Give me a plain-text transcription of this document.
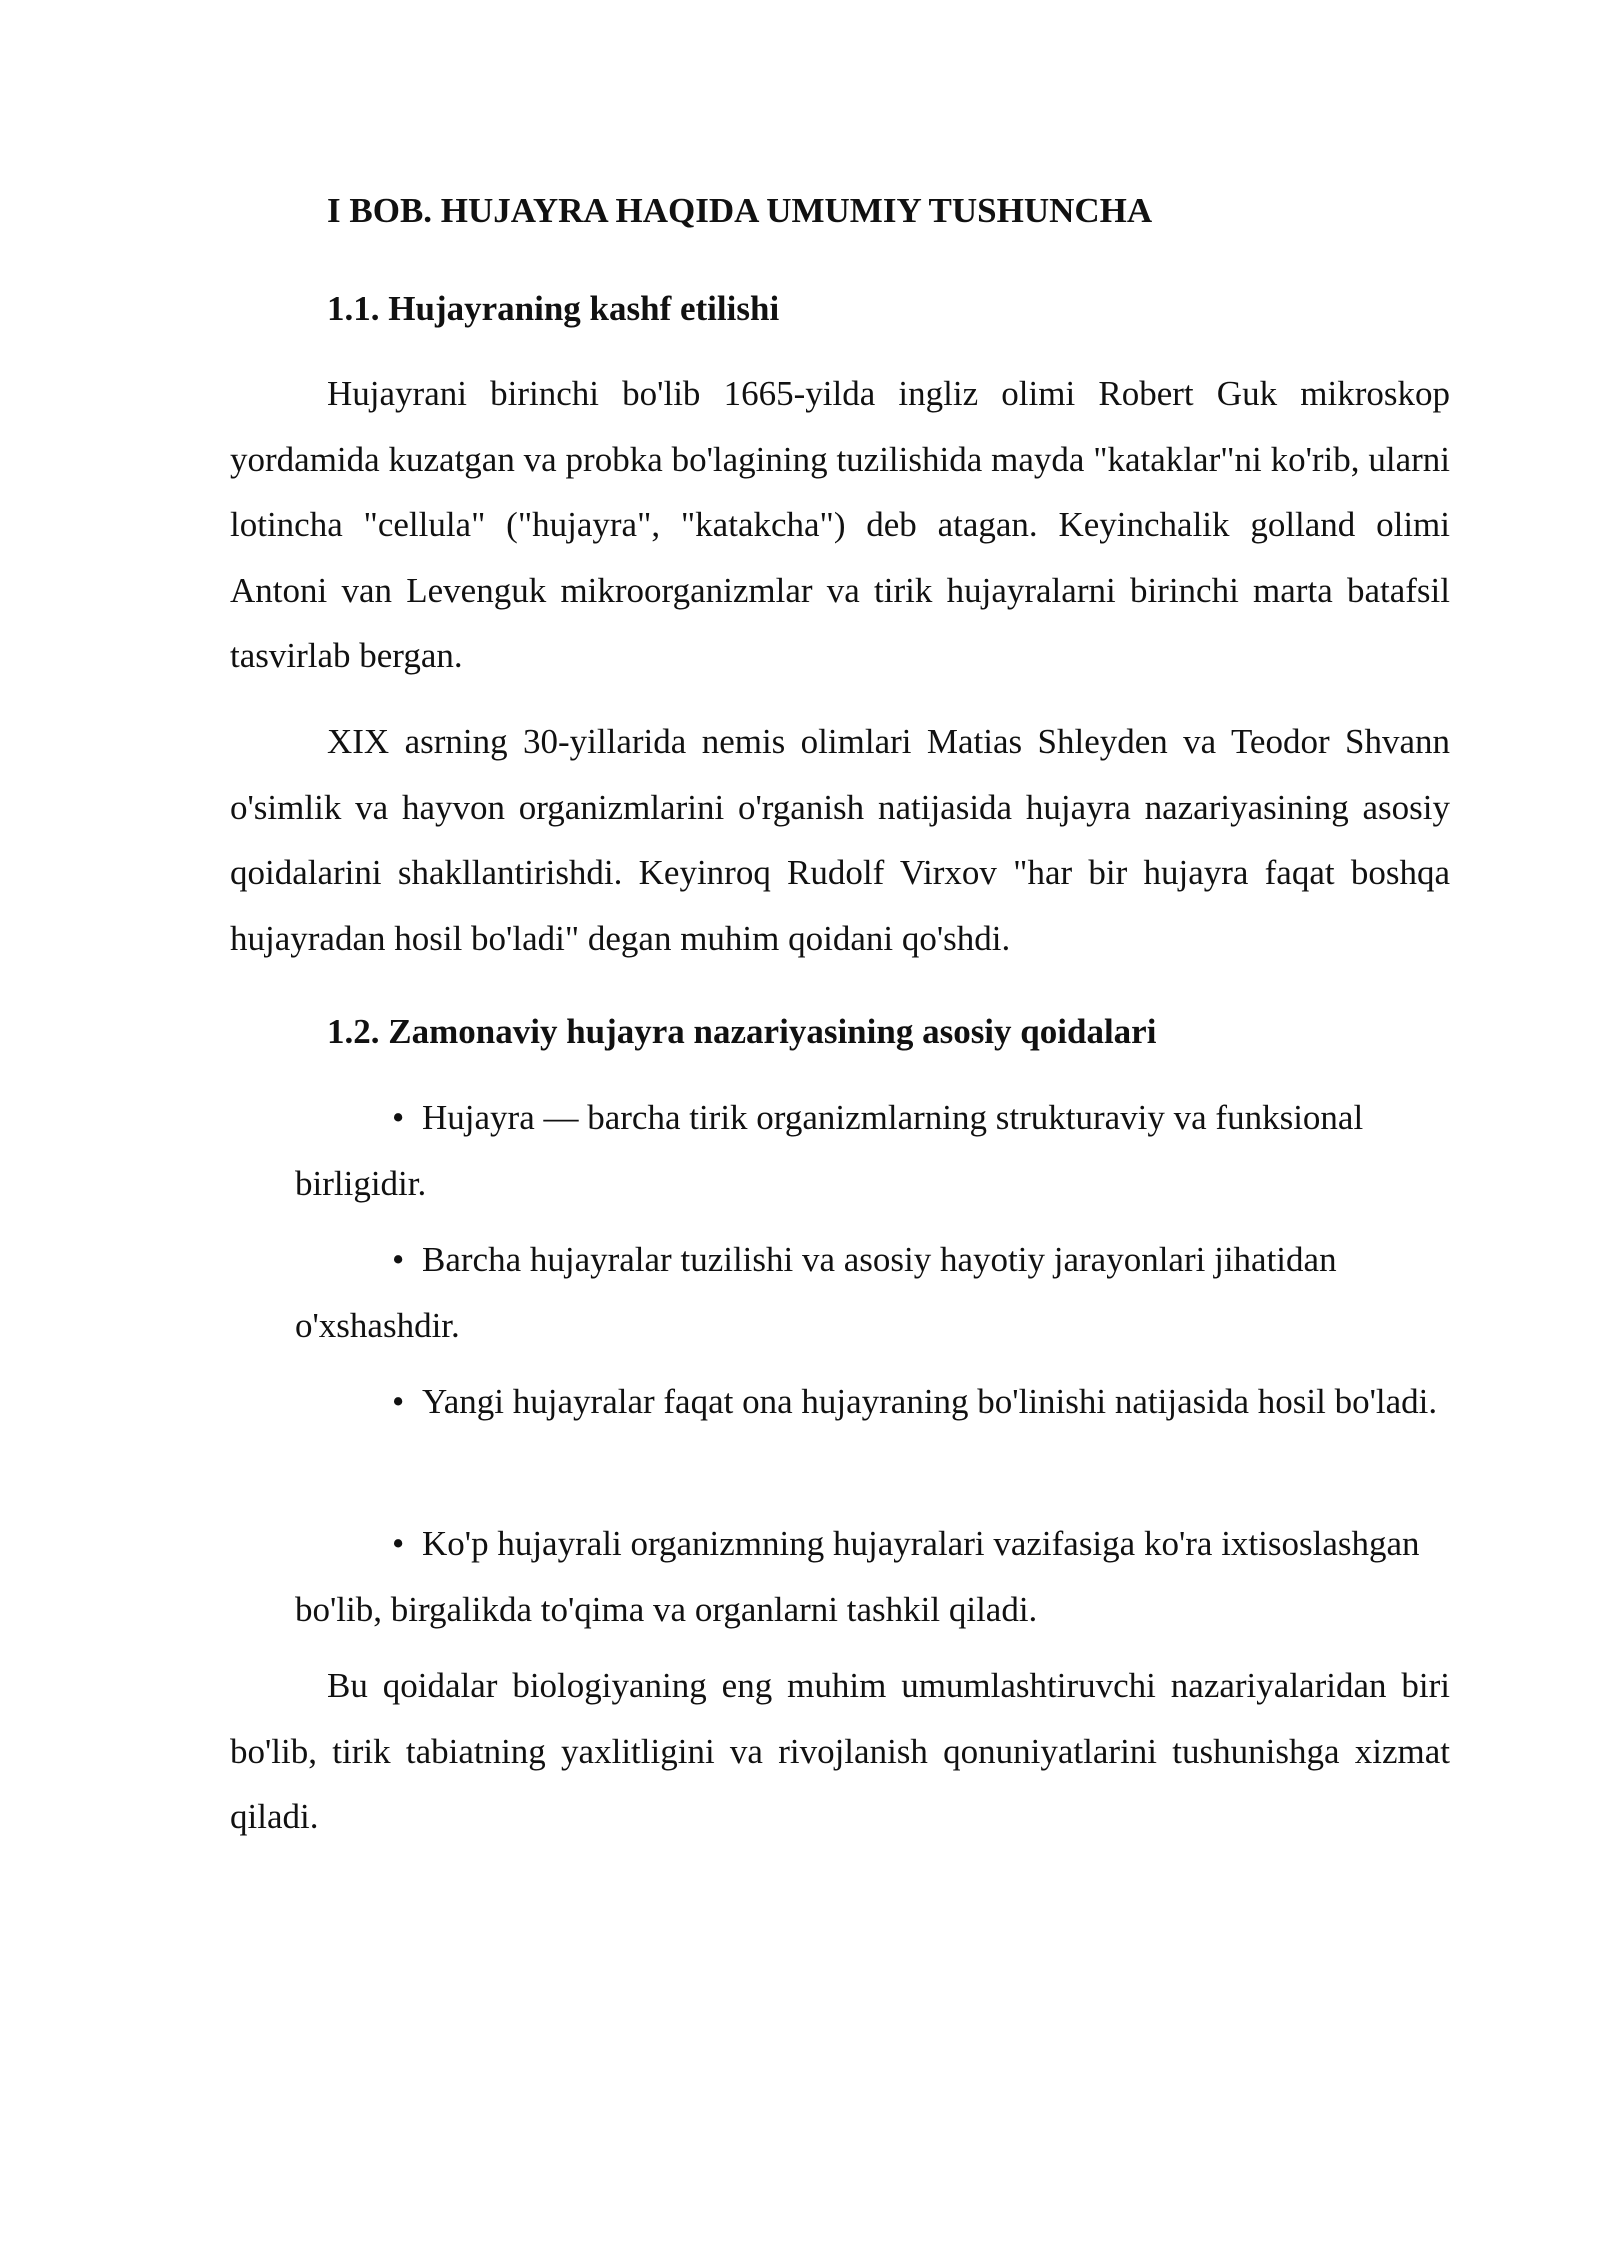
I BOB. HUJAYRA HAQIDA UMUMIY TUSHUNCHA
1.1. Hujayraning kashf etilishi

Hujayrani birinchi bo'lib 1665-yilda ingliz olimi Robert Guk mikroskop yordamida kuzatgan va probka bo'lagining tuzilishida mayda "kataklar"ni ko'rib, ularni lotincha "cellula" ("hujayra", "katakcha") deb atagan. Keyinchalik golland olimi Antoni van Levenguk mikroorganizmlar va tirik hujayralarni birinchi marta batafsil tasvirlab bergan.

XIX asrning 30-yillarida nemis olimlari Matias Shleyden va Teodor Shvann o'simlik va hayvon organizmlarini o'rganish natijasida hujayra nazariyasining asosiy qoidalarini shakllantirishdi. Keyinroq Rudolf Virxov "har bir hujayra faqat boshqa hujayradan hosil bo'ladi" degan muhim qoidani qo'shdi.

1.2. Zamonaviy hujayra nazariyasining asosiy qoidalari

• Hujayra — barcha tirik organizmlarning strukturaviy va funksional birligidir.

• Barcha hujayralar tuzilishi va asosiy hayotiy jarayonlari jihatidan o'xshashdir.

• Yangi hujayralar faqat ona hujayraning bo'linishi natijasida hosil bo'ladi.

• Ko'p hujayrali organizmning hujayralari vazifasiga ko'ra ixtisoslashgan bo'lib, birgalikda to'qima va organlarni tashkil qiladi.

Bu qoidalar biologiyaning eng muhim umumlashtiruvchi nazariyalaridan biri bo'lib, tirik tabiatning yaxlitligini va rivojlanish qonuniyatlarini tushunishga xizmat qiladi.
